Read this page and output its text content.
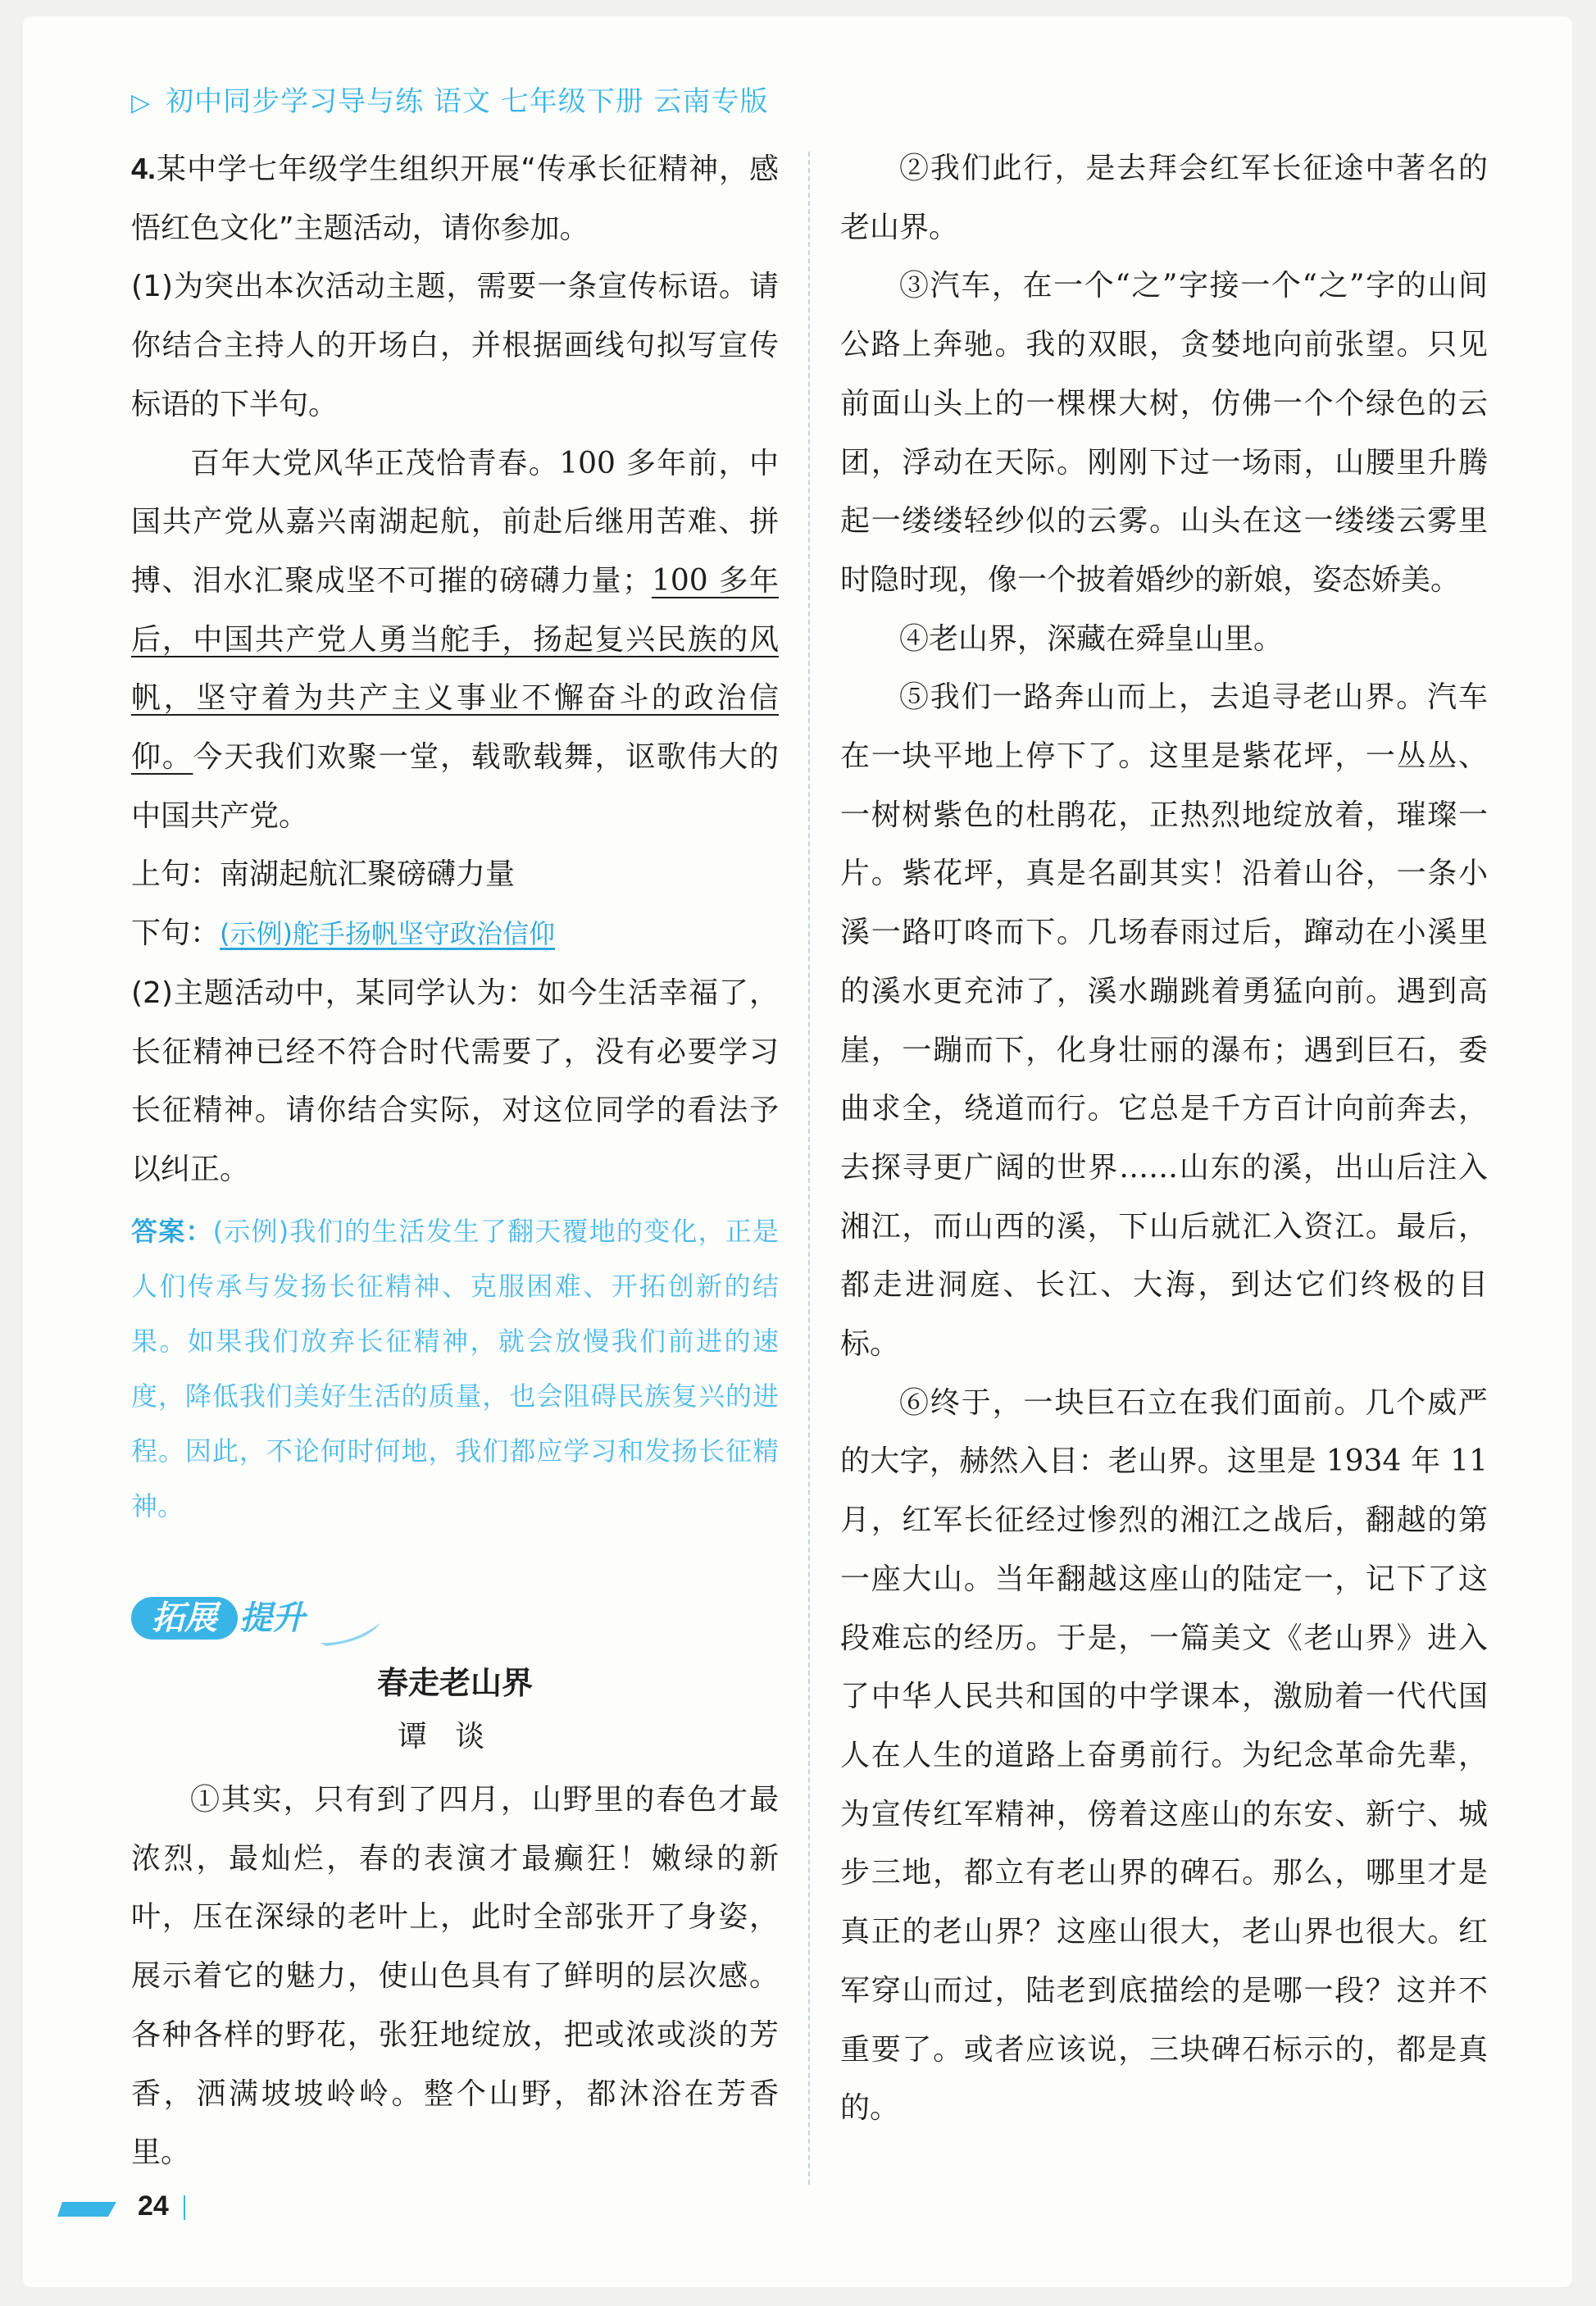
▷ 初中同步学习导与练 语文 七年级下册 云南专版

4.某中学七年级学生组织开展“传承长征精神，感悟红色文化”主题活动，请你参加。

(1)为突出本次活动主题，需要一条宣传标语。请你结合主持人的开场白，并根据画线句拟写宣传标语的下半句。

百年大党风华正茂恰青春。100 多年前，中国共产党从嘉兴南湖起航，前赴后继用苦难、拼搏、泪水汇聚成坚不可摧的磅礴力量；100 多年后，中国共产党人勇当舵手，扬起复兴民族的风帆，坚守着为共产主义事业不懈奋斗的政治信仰。今天我们欢聚一堂，载歌载舞，讴歌伟大的中国共产党。

上句：南湖起航汇聚磅礴力量

下句：(示例)舵手扬帆坚守政治信仰

(2)主题活动中，某同学认为：如今生活幸福了，长征精神已经不符合时代需要了，没有必要学习长征精神。请你结合实际，对这位同学的看法予以纠正。

答案：(示例)我们的生活发生了翻天覆地的变化，正是人们传承与发扬长征精神、克服困难、开拓创新的结果。如果我们放弃长征精神，就会放慢我们前进的速度，降低我们美好生活的质量，也会阻碍民族复兴的进程。因此，不论何时何地，我们都应学习和发扬长征精神。

拓展 提升
春走老山界
谭谈

①其实，只有到了四月，山野里的春色才最浓烈，最灿烂，春的表演才最癫狂！嫩绿的新叶，压在深绿的老叶上，此时全部张开了身姿，展示着它的魅力，使山色具有了鲜明的层次感。各种各样的野花，张狂地绽放，把或浓或淡的芳香，洒满坡坡岭岭。整个山野，都沐浴在芳香里。

②我们此行，是去拜会红军长征途中著名的老山界。

③汽车，在一个“之”字接一个“之”字的山间公路上奔驰。我的双眼，贪婪地向前张望。只见前面山头上的一棵棵大树，仿佛一个个绿色的云团，浮动在天际。刚刚下过一场雨，山腰里升腾起一缕缕轻纱似的云雾。山头在这一缕缕云雾里时隐时现，像一个披着婚纱的新娘，姿态娇美。

④老山界，深藏在舜皇山里。

⑤我们一路奔山而上，去追寻老山界。汽车在一块平地上停下了。这里是紫花坪，一丛丛、一树树紫色的杜鹃花，正热烈地绽放着，璀璨一片。紫花坪，真是名副其实！沿着山谷，一条小溪一路叮咚而下。几场春雨过后，蹿动在小溪里的溪水更充沛了，溪水蹦跳着勇猛向前。遇到高崖，一蹦而下，化身壮丽的瀑布；遇到巨石，委曲求全，绕道而行。它总是千方百计向前奔去，去探寻更广阔的世界……山东的溪，出山后注入湘江，而山西的溪，下山后就汇入资江。最后，都走进洞庭、长江、大海，到达它们终极的目标。

⑥终于，一块巨石立在我们面前。几个威严的大字，赫然入目：老山界。这里是 1934 年 11 月，红军长征经过惨烈的湘江之战后，翻越的第一座大山。当年翻越这座山的陆定一，记下了这段难忘的经历。于是，一篇美文《老山界》进入了中华人民共和国的中学课本，激励着一代代国人在人生的道路上奋勇前行。为纪念革命先辈，为宣传红军精神，傍着这座山的东安、新宁、城步三地，都立有老山界的碑石。那么，哪里才是真正的老山界？这座山很大，老山界也很大。红军穿山而过，陆老到底描绘的是哪一段？这并不重要了。或者应该说，三块碑石标示的，都是真的。

24
